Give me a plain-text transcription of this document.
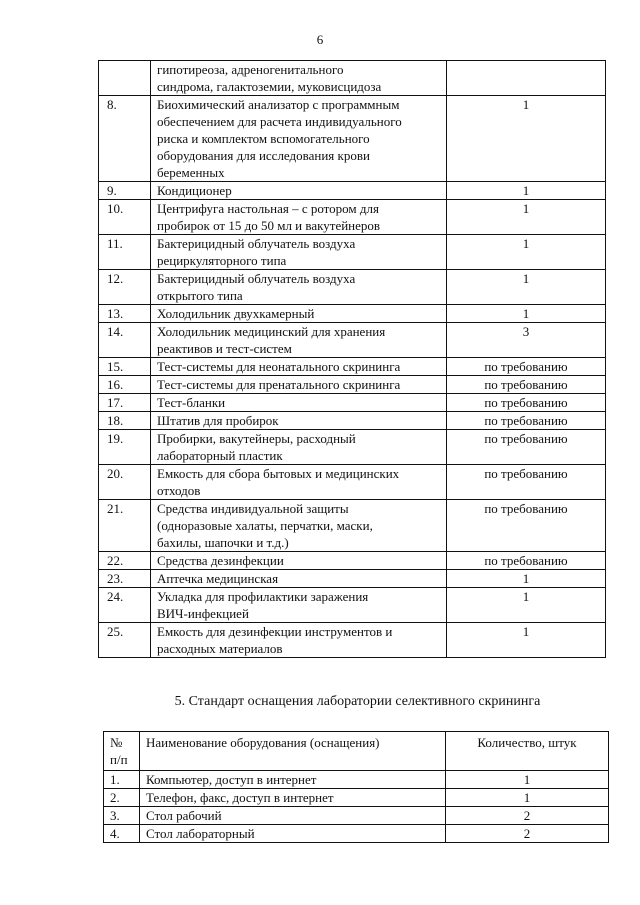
6

	гипотиреоза, адреногенитального
синдрома, галактоземии, муковисцидоза	

8.	Биохимический анализатор с программным
обеспечением для расчета индивидуального
риска и комплектом вспомогательного
оборудования для исследования крови
беременных	1
9.	Кондиционер	1
10.	Центрифуга настольная – с ротором для
пробирок от 15 до 50 мл и вакутейнеров	1
11.	Бактерицидный облучатель воздуха
рециркуляторного типа	1
12.	Бактерицидный облучатель воздуха
открытого типа	1
13.	Холодильник двухкамерный	1
14.	Холодильник медицинский для хранения
реактивов и тест-систем	3
15.	Тест-системы для неонатального скрининга	по требованию
16.	Тест-системы для пренатального скрининга	по требованию
17.	Тест-бланки	по требованию
18.	Штатив для пробирок	по требованию
19.	Пробирки, вакутейнеры, расходный
лабораторный пластик	по требованию
20.	Емкость для сбора бытовых и медицинских
отходов	по требованию
21.	Средства индивидуальной защиты
(одноразовые халаты, перчатки, маски,
бахилы, шапочки и т.д.)	по требованию
22.	Средства дезинфекции	по требованию
23.	Аптечка медицинская	1
24.	Укладка для профилактики заражения
ВИЧ-инфекцией	1
25.	Емкость для дезинфекции инструментов и
расходных материалов	1
5. Стандарт оснащения лаборатории селективного скрининга
№
п/п	Наименование оборудования (оснащения)	Количество, штук
1.	Компьютер, доступ в интернет	1
2.	Телефон, факс, доступ в интернет	1
3.	Стол рабочий	2
4.	Стол лабораторный	2
